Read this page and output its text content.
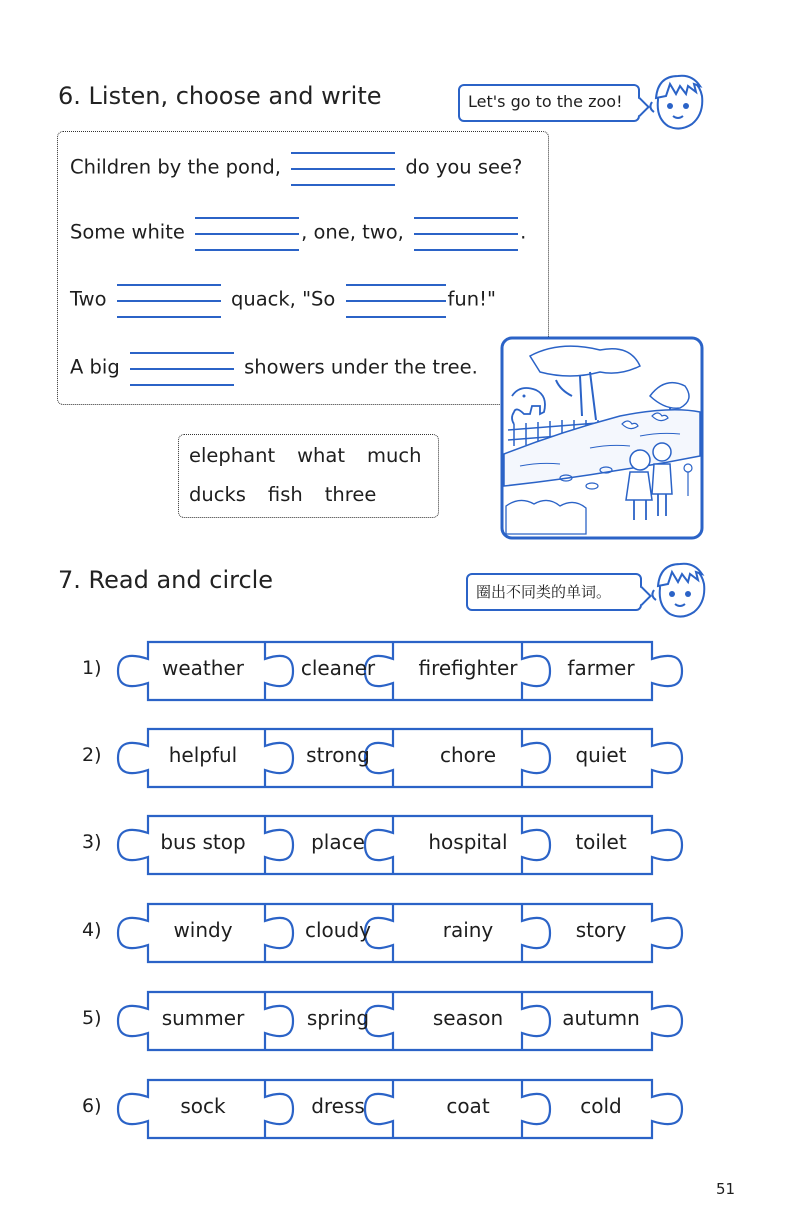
6. Listen, choose and write	Let's go to the zoo!
Children by the pond,	do you see?
Some white	, one, two,	.
Two	quack, "So	fun!"
A big	showers under the tree.
elephant what much
ducks fish three
7. Read and circle	圈出不同类的单词。
1)	weather	cleaner	firefighter	farmer
2)	helpful	strong	chore	quiet
3)	bus stop	place	hospital	toilet
4)	windy	cloudy	rainy	story
5)	summer	spring	season	autumn
6)	sock	dress	coat	cold
51
